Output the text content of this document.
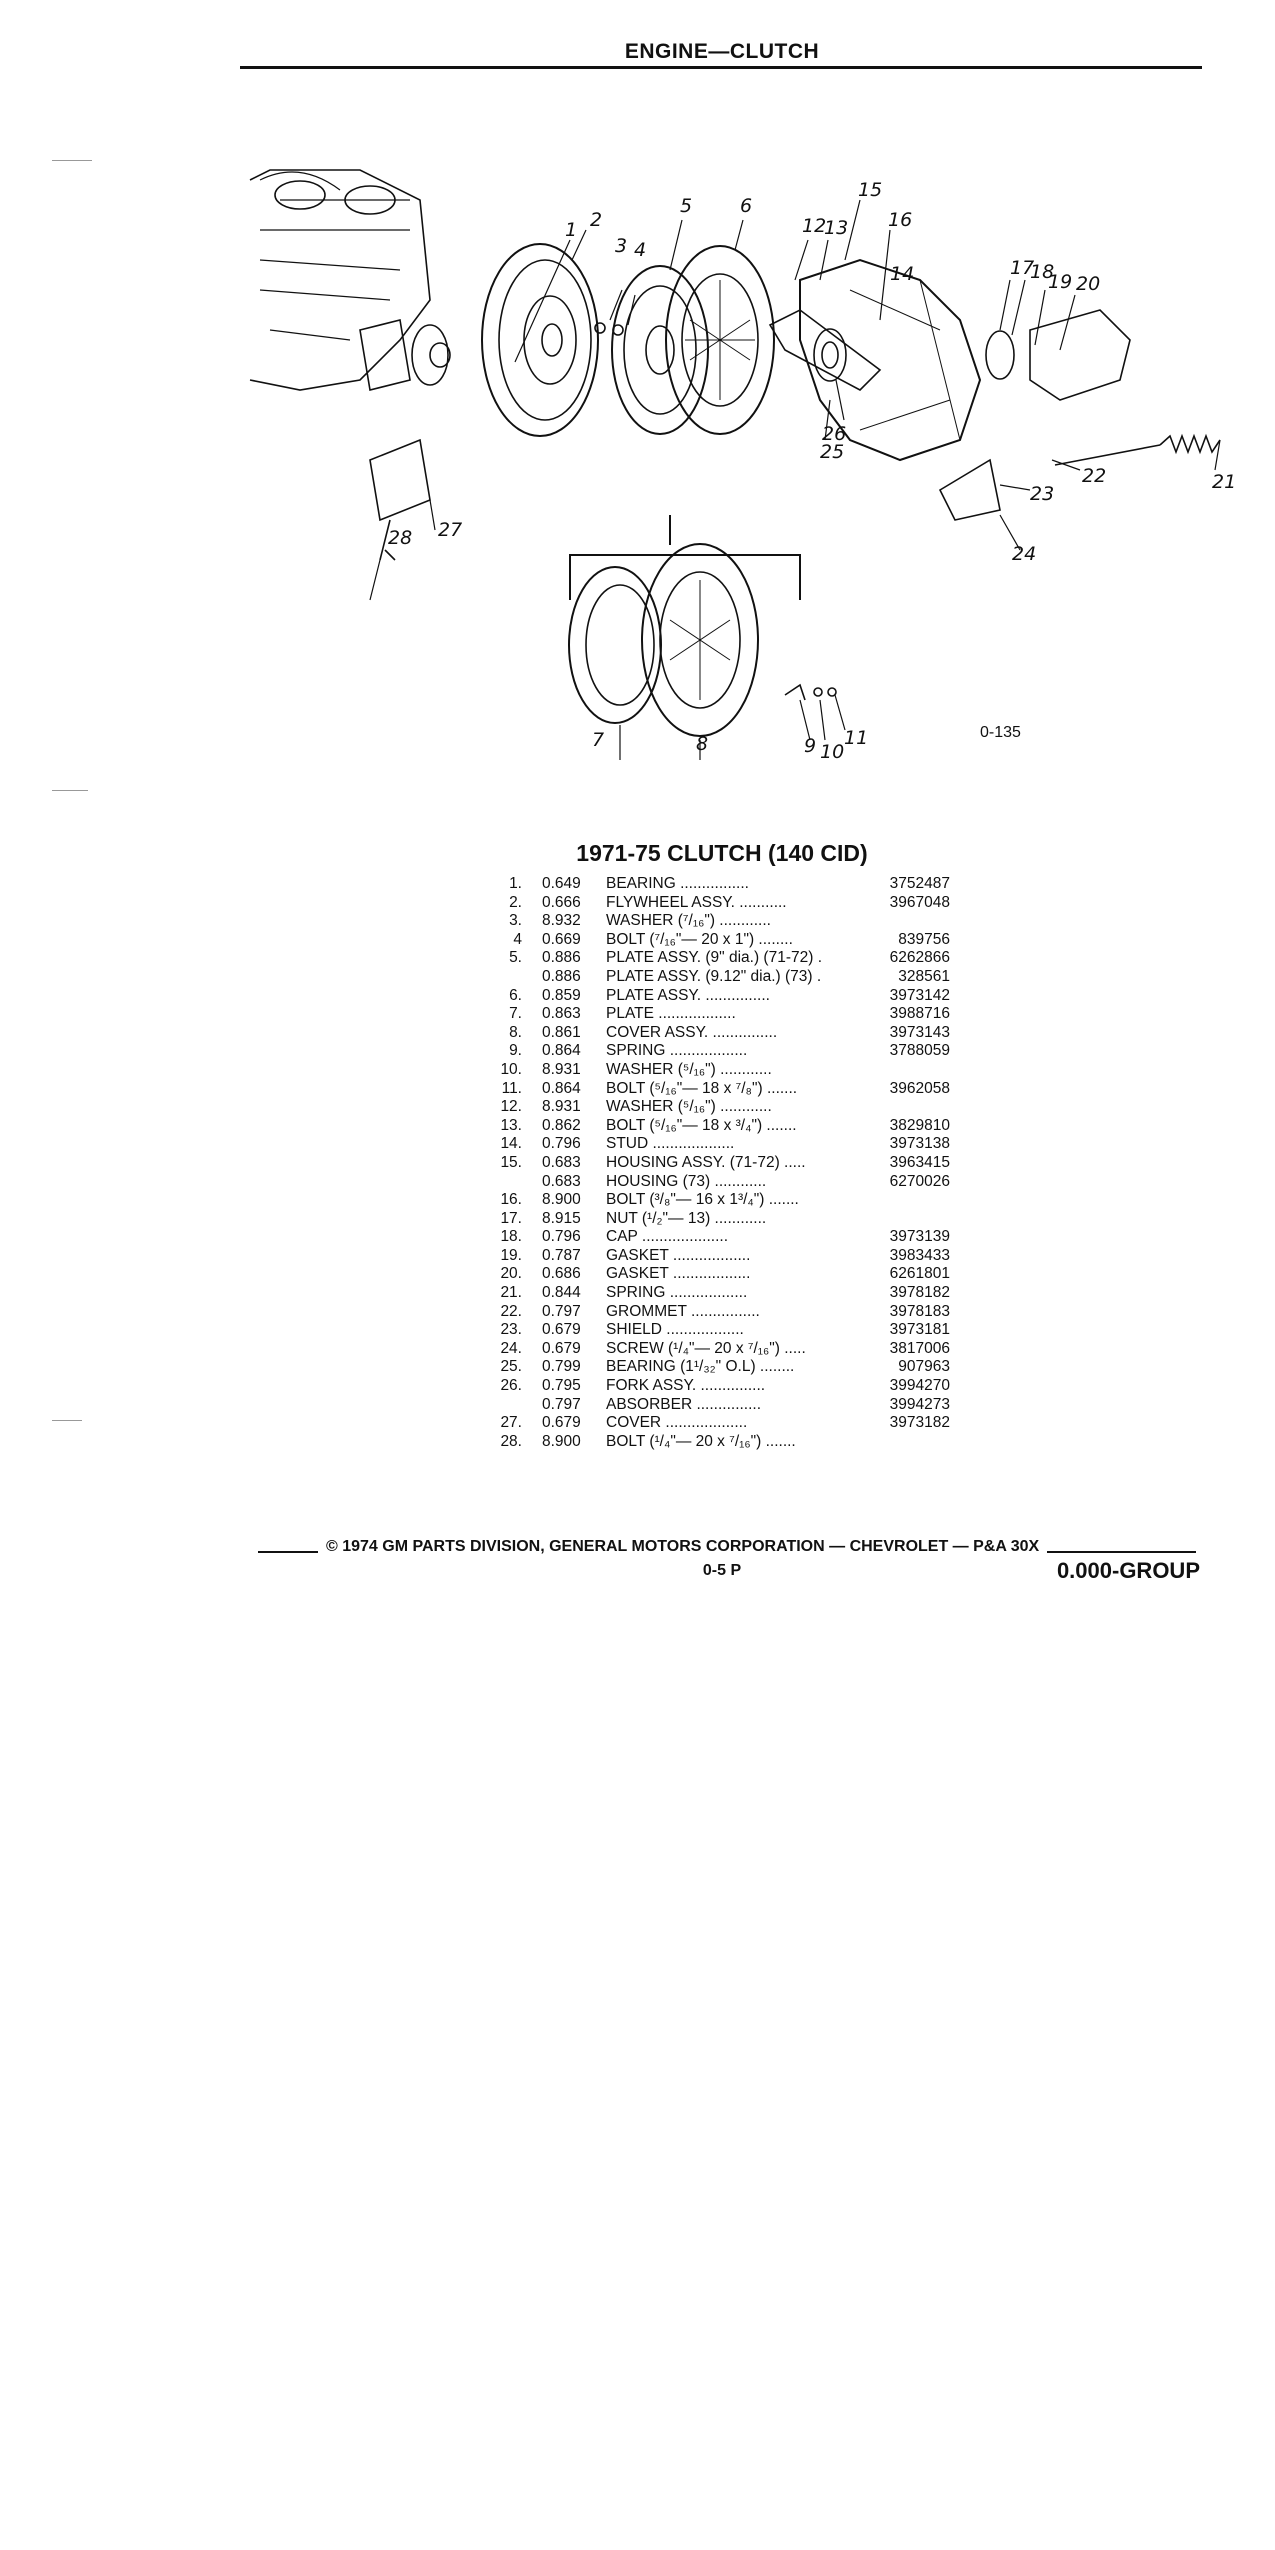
ENGINE—CLUTCH
1 2
3 4
5	6
7	8	9 10
11
12
13
14
15
16
17
18
19 20
21
22
23
24
25
26
27
28
0-135
1971-75 CLUTCH (140 CID)
1. 0.649 BEARING ................	3752487
2. 0.666 FLYWHEEL ASSY. ...........	3967048
3. 8.932 WASHER (⁷/₁₆") ............
4 0.669 BOLT (⁷/₁₆"— 20 x 1") ........	839756
5. 0.886 PLATE ASSY. (9" dia.) (71-72) .	6262866
0.886 PLATE ASSY. (9.12" dia.) (73) .	328561
6. 0.859 PLATE ASSY. ...............	3973142
7. 0.863 PLATE ..................	3988716
8. 0.861 COVER ASSY. ...............	3973143
9. 0.864 SPRING ..................	3788059
10. 8.931 WASHER (⁵/₁₆") ............
11. 0.864 BOLT (⁵/₁₆"— 18 x ⁷/₈") .......	3962058
12. 8.931 WASHER (⁵/₁₆") ............
13. 0.862 BOLT (⁵/₁₆"— 18 x ³/₄") .......	3829810
14. 0.796 STUD ...................	3973138
15. 0.683 HOUSING ASSY. (71-72) .....	3963415
0.683 HOUSING (73) ............	6270026
16. 8.900 BOLT (³/₈"— 16 x 1³/₄") .......
17. 8.915 NUT (¹/₂"— 13) ............
18. 0.796 CAP ....................	3973139
19. 0.787 GASKET ..................	3983433
20. 0.686 GASKET ..................	6261801
21. 0.844 SPRING ..................	3978182
22. 0.797 GROMMET ................	3978183
23. 0.679 SHIELD ..................	3973181
24. 0.679 SCREW (¹/₄"— 20 x ⁷/₁₆") .....	3817006
25. 0.799 BEARING (1¹/₃₂" O.L) ........	907963
26. 0.795 FORK ASSY. ...............	3994270
0.797 ABSORBER ...............	3994273
27. 0.679 COVER ...................	3973182
28. 8.900 BOLT (¹/₄"— 20 x ⁷/₁₆") .......
© 1974 GM PARTS DIVISION, GENERAL MOTORS CORPORATION — CHEVROLET — P&A 30X
0-5 P	0.000-GROUP
